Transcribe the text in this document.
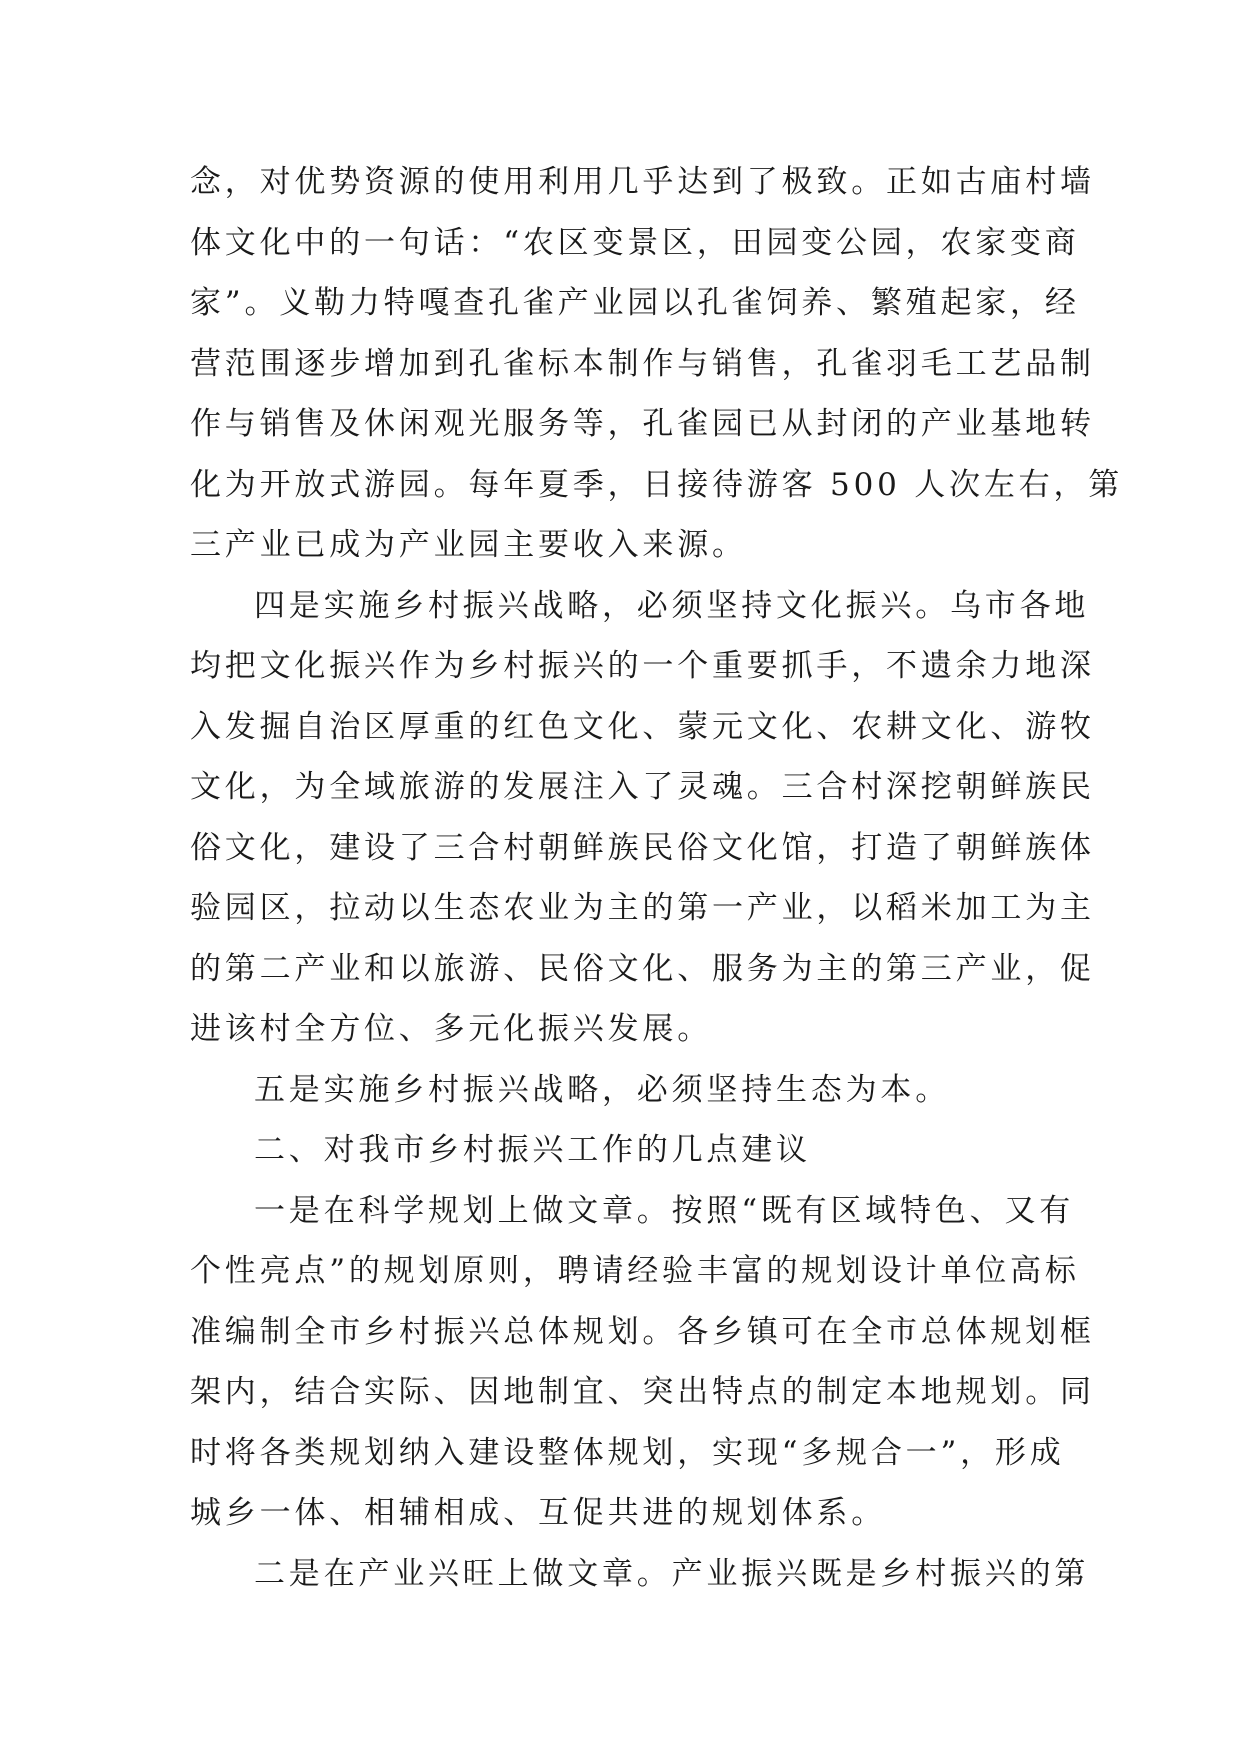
念，对优势资源的使用利用几乎达到了极致。正如古庙村墙
体文化中的一句话：“农区变景区，田园变公园，农家变商
家”。义勒力特嘎查孔雀产业园以孔雀饲养、繁殖起家，经
营范围逐步增加到孔雀标本制作与销售，孔雀羽毛工艺品制
作与销售及休闲观光服务等，孔雀园已从封闭的产业基地转
化为开放式游园。每年夏季，日接待游客 500 人次左右，第
三产业已成为产业园主要收入来源。
四是实施乡村振兴战略，必须坚持文化振兴。乌市各地
均把文化振兴作为乡村振兴的一个重要抓手，不遗余力地深
入发掘自治区厚重的红色文化、蒙元文化、农耕文化、游牧
文化，为全域旅游的发展注入了灵魂。三合村深挖朝鲜族民
俗文化，建设了三合村朝鲜族民俗文化馆，打造了朝鲜族体
验园区，拉动以生态农业为主的第一产业，以稻米加工为主
的第二产业和以旅游、民俗文化、服务为主的第三产业，促
进该村全方位、多元化振兴发展。
五是实施乡村振兴战略，必须坚持生态为本。
二、对我市乡村振兴工作的几点建议
一是在科学规划上做文章。按照“既有区域特色、又有
个性亮点”的规划原则，聘请经验丰富的规划设计单位高标
准编制全市乡村振兴总体规划。各乡镇可在全市总体规划框
架内，结合实际、因地制宜、突出特点的制定本地规划。同
时将各类规划纳入建设整体规划，实现“多规合一”，形成
城乡一体、相辅相成、互促共进的规划体系。
二是在产业兴旺上做文章。产业振兴既是乡村振兴的第
